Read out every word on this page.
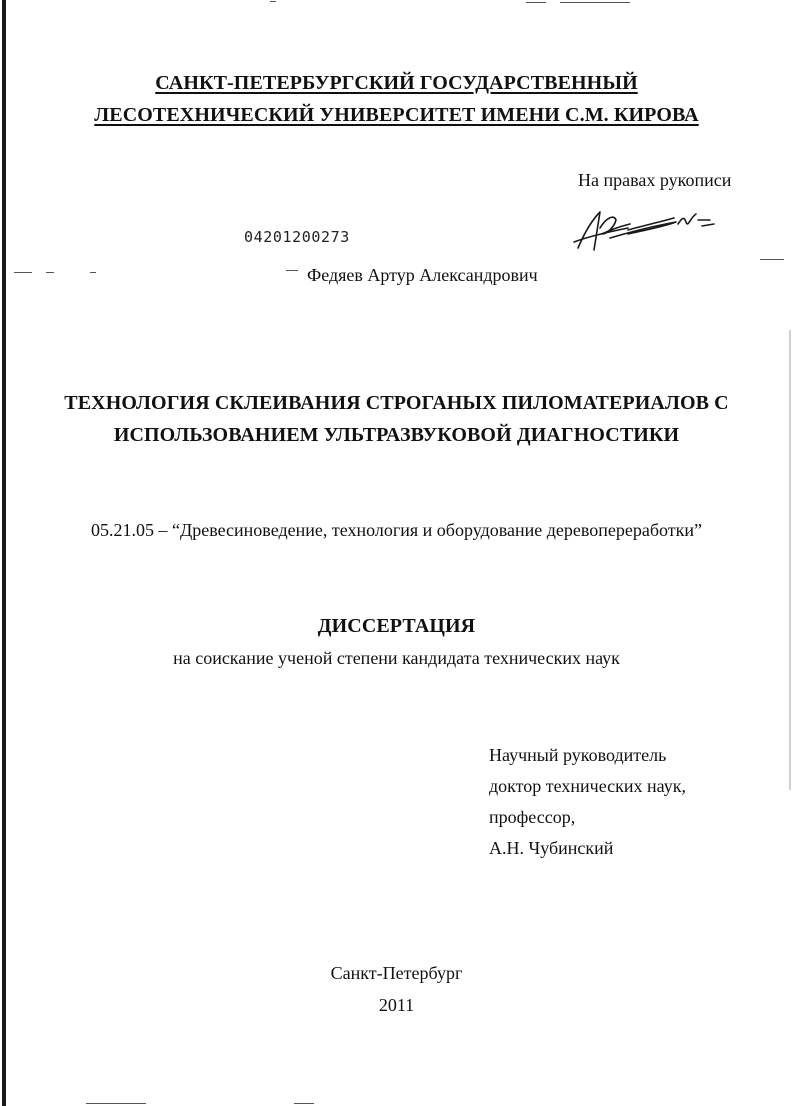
САНКТ-ПЕТЕРБУРГСКИЙ ГОСУДАРСТВЕННЫЙ
ЛЕСОТЕХНИЧЕСКИЙ УНИВЕРСИТЕТ ИМЕНИ С.М. КИРОВА
На правах рукописи
04201200273
Федяев Артур Александрович
ТЕХНОЛОГИЯ СКЛЕИВАНИЯ СТРОГАНЫХ ПИЛОМАТЕРИАЛОВ С
ИСПОЛЬЗОВАНИЕМ УЛЬТРАЗВУКОВОЙ ДИАГНОСТИКИ
05.21.05 – “Древесиноведение, технология и оборудование деревопереработки”
ДИССЕРТАЦИЯ
на соискание ученой степени кандидата технических наук
Научный руководитель
доктор технических наук,
профессор,
А.Н. Чубинский
Санкт-Петербург
2011
